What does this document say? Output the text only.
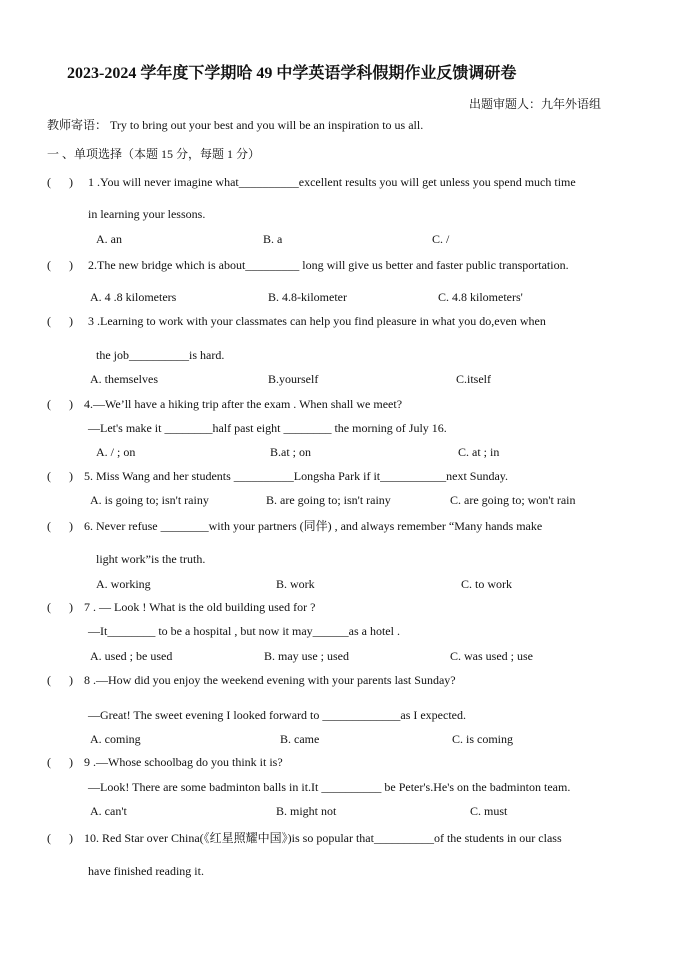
2023-2024 学年度下学期哈 49 中学英语学科假期作业反馈调研卷
出题审题人：九年外语组
教师寄语： Try to bring out your best and you will be an inspiration to us all.
一 、单项选择（本题 15 分，每题 1 分）
(      ) 1 .You will never imagine what__________excellent results you will get unless you spend much time
in learning your lessons.
A. an	B. a	C. /
(      ) 2.The new bridge which is about_________ long will give us better and faster public transportation.
A. 4 .8 kilometers	B. 4.8-kilometer	C. 4.8 kilometers'
(      ) 3 .Learning to work with your classmates can help you find pleasure in what you do,even when
the job__________is hard.
A. themselves	B.yourself	C.itself
(      ) 4.—We’ll have a hiking trip after the exam . When shall we meet?
—Let's make it ________half past eight ________ the morning of July 16.
A. / ; on	B.at ; on	C. at ; in
(      ) 5. Miss Wang and her students __________Longsha Park if it___________next Sunday.
A. is going to; isn't rainy	B. are going to; isn't rainy	C. are going to; won't rain
(      ) 6. Never refuse ________with your partners (同伴) , and always remember “Many hands make
light work”is the truth.
A. working	B. work	C. to work
(      ) 7 . — Look ! What is the old building used for ?
—It________ to be a hospital , but now it may______as a hotel .
A. used ; be used	B. may use ; used	C. was used ; use
(      ) 8 .—How did you enjoy the weekend evening with your parents last Sunday?
—Great! The sweet evening I looked forward to _____________as I expected.
A. coming	B. came	C. is coming
(      ) 9 .—Whose schoolbag do you think it is?
—Look! There are some badminton balls in it.It __________ be Peter's.He's on the badminton team.
A. can't	B. might not	C. must
(      ) 10. Red Star over China(《红星照耀中国》)is so popular that__________of the students in our class
have finished reading it.
